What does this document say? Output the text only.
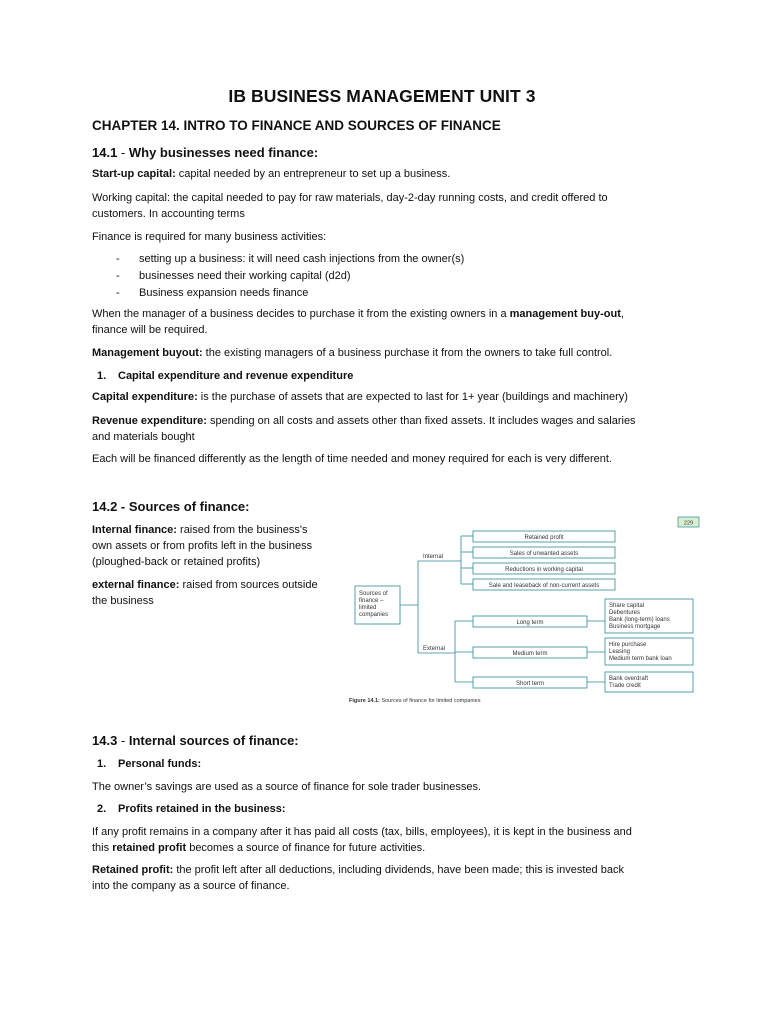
IB BUSINESS MANAGEMENT UNIT 3
CHAPTER 14. INTRO TO FINANCE AND SOURCES OF FINANCE
14.1 - Why businesses need finance:

Start-up capital: capital needed by an entrepreneur to set up a business.

Working capital: the capital needed to pay for raw materials, day-2-day running costs, and credit offered to

customers. In accounting terms

Finance is required for many business activities:

- setting up a business: it will need cash injections from the owner(s)
- businesses need their working capital (d2d)
- Business expansion needs finance

When the manager of a business decides to purchase it from the existing owners in a management buy-out,

finance will be required.

Management buyout: the existing managers of a business purchase it from the owners to take full control.

1. Capital expenditure and revenue expenditure

Capital expenditure: is the purchase of assets that are expected to last for 1+ year (buildings and machinery)

Revenue expenditure: spending on all costs and assets other than fixed assets. It includes wages and salaries

and materials bought

Each will be financed differently as the length of time needed and money required for each is very different.

14.2 - Sources of finance:

Internal finance: raised from the business's

own assets or from profits left in the business

(ploughed-back or retained profits)

external finance: raised from sources outside

the business

14.3 - Internal sources of finance:
1. Personal funds:

The owner’s savings are used as a source of finance for sole trader businesses.

2. Profits retained in the business:

If any profit remains in a company after it has paid all costs (tax, bills, employees), it is kept in the business and

this retained profit becomes a source of finance for future activities.

Retained profit: the profit left after all deductions, including dividends, have been made; this is invested back

into the company as a source of finance.

229
Sources of
finance –
limited
companies
Internal
External
Retained profit
Sales of unwanted assets
Reductions in working capital
Sale and leaseback of non-current assets
Long term
Medium term
Short term
Share capital
Debentures
Bank (long-term) loans
Business mortgage
Hire purchase
Leasing
Medium term bank loan
Bank overdraft
Trade credit
Figure 14.1: Sources of finance for limited companies
